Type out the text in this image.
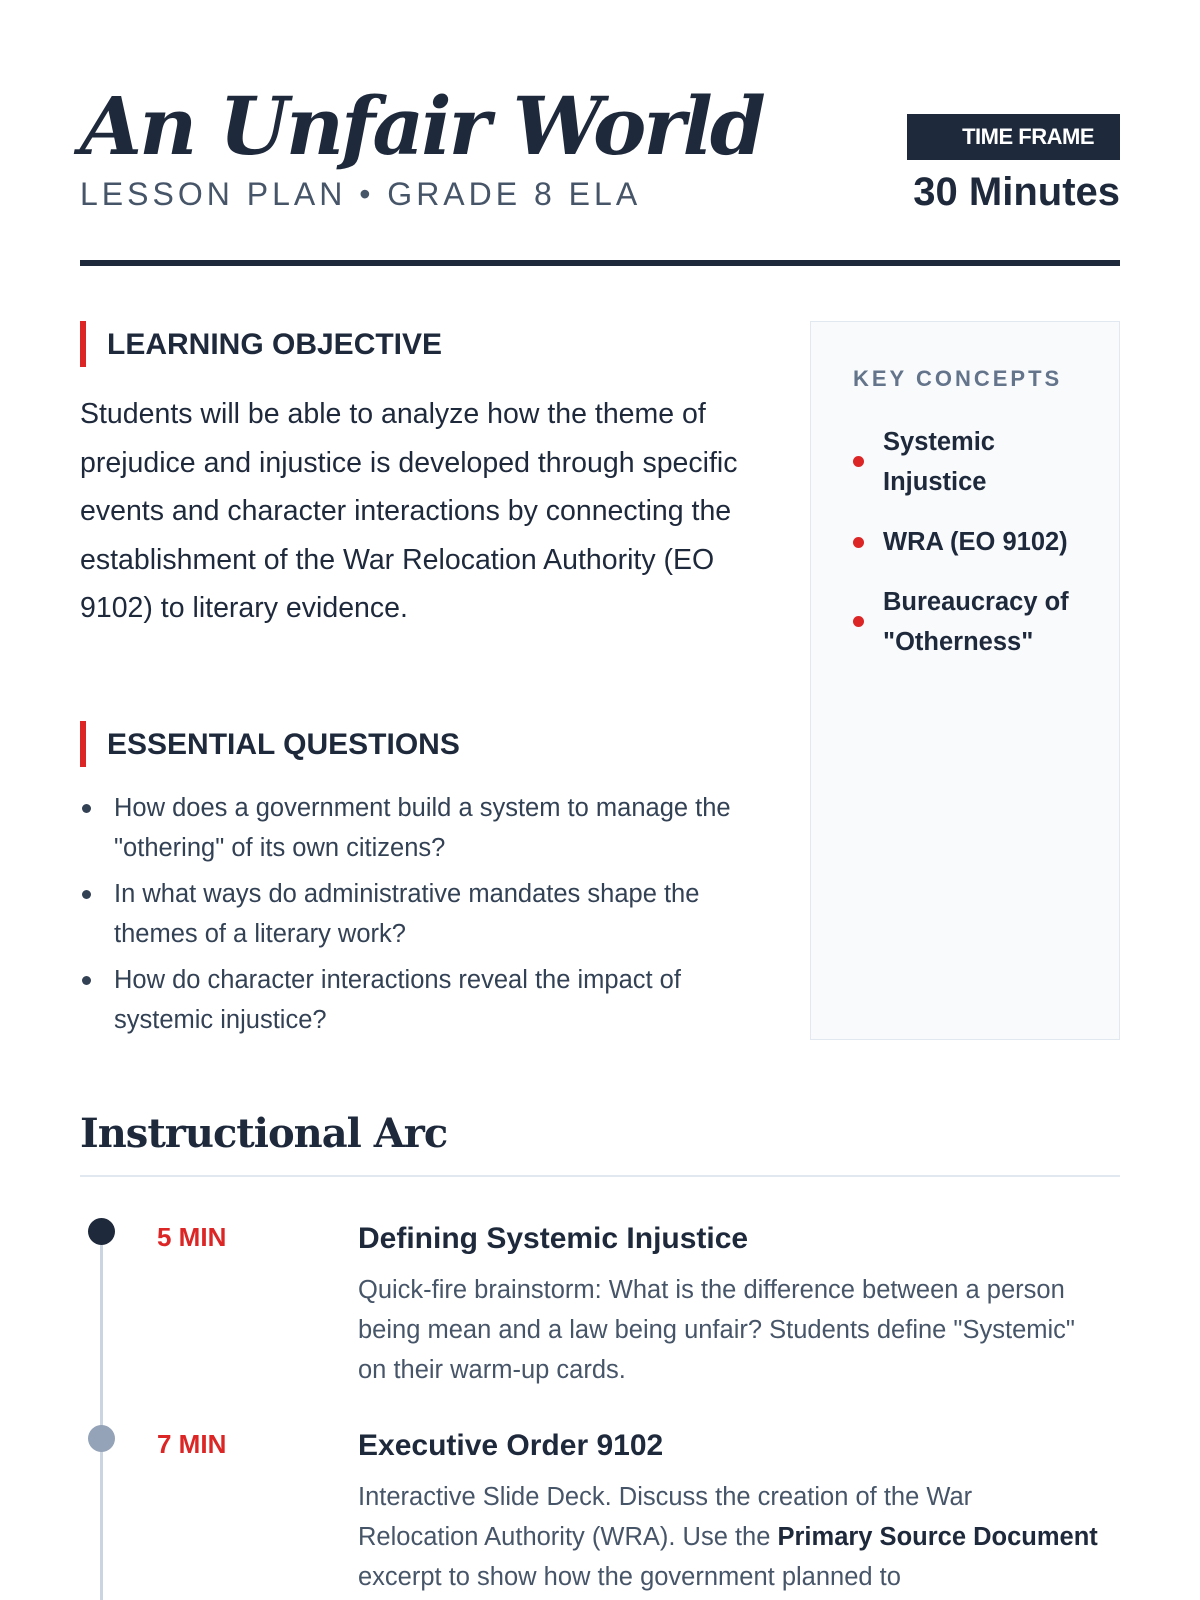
An Unfair World
LESSON PLAN • GRADE 8 ELA
TIME FRAME
30 Minutes
LEARNING OBJECTIVE
Students will be able to analyze how the theme of prejudice and injustice is developed through specific events and character interactions by connecting the establishment of the War Relocation Authority (EO 9102) to literary evidence.
ESSENTIAL QUESTIONS
How does a government build a system to manage the "othering" of its own citizens?
In what ways do administrative mandates shape the themes of a literary work?
How do character interactions reveal the impact of systemic injustice?
KEY CONCEPTS
Systemic Injustice
WRA (EO 9102)
Bureaucracy of "Otherness"
Instructional Arc
5 MIN	Defining Systemic Injustice
Quick-fire brainstorm: What is the difference between a person being mean and a law being unfair? Students define "Systemic" on their warm-up cards.
7 MIN	Executive Order 9102
Interactive Slide Deck. Discuss the creation of the War Relocation Authority (WRA). Use the Primary Source Document excerpt to show how the government planned to
